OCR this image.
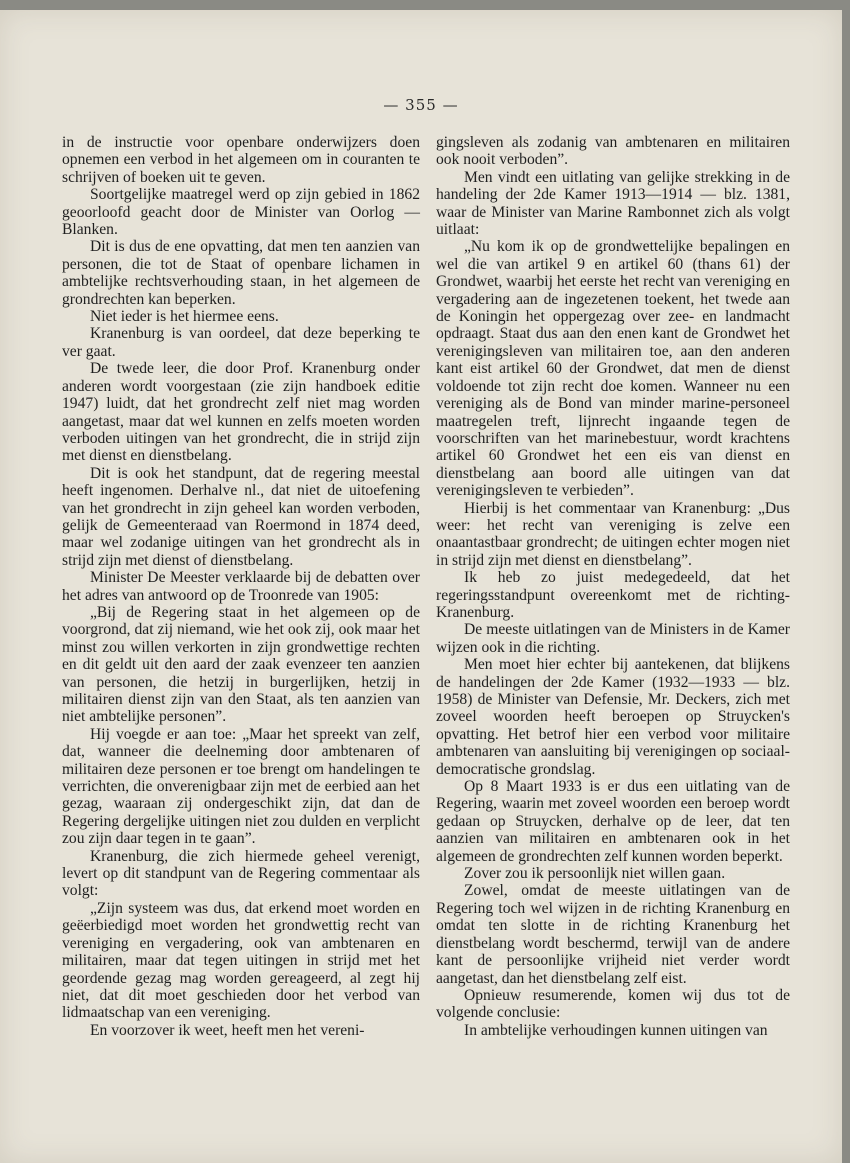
— 355 —

in de instructie voor openbare onderwijzers doen opnemen een verbod in het algemeen om in couranten te schrijven of boeken uit te geven.

Soortgelijke maatregel werd op zijn gebied in 1862 geoorloofd geacht door de Minister van Oorlog — Blanken.

Dit is dus de ene opvatting, dat men ten aanzien van personen, die tot de Staat of openbare lichamen in ambtelijke rechtsverhouding staan, in het algemeen de grondrechten kan beperken.

Niet ieder is het hiermee eens.

Kranenburg is van oordeel, dat deze beperking te ver gaat.

De twede leer, die door Prof. Kranenburg onder anderen wordt voorgestaan (zie zijn handboek editie 1947) luidt, dat het grondrecht zelf niet mag worden aangetast, maar dat wel kunnen en zelfs moeten worden verboden uitingen van het grondrecht, die in strijd zijn met dienst en dienstbelang.

Dit is ook het standpunt, dat de regering meestal heeft ingenomen. Derhalve nl., dat niet de uitoefening van het grondrecht in zijn geheel kan worden verboden, gelijk de Gemeenteraad van Roermond in 1874 deed, maar wel zodanige uitingen van het grondrecht als in strijd zijn met dienst of dienstbelang.

Minister De Meester verklaarde bij de debatten over het adres van antwoord op de Troonrede van 1905:

„Bij de Regering staat in het algemeen op de voorgrond, dat zij niemand, wie het ook zij, ook maar het minst zou willen verkorten in zijn grondwettige rechten en dit geldt uit den aard der zaak evenzeer ten aanzien van personen, die hetzij in burgerlijken, hetzij in militairen dienst zijn van den Staat, als ten aanzien van niet ambtelijke personen”.

Hij voegde er aan toe: „Maar het spreekt van zelf, dat, wanneer die deelneming door ambtenaren of militairen deze personen er toe brengt om handelingen te verrichten, die onverenigbaar zijn met de eerbied aan het gezag, waaraan zij ondergeschikt zijn, dat dan de Regering dergelijke uitingen niet zou dulden en verplicht zou zijn daar tegen in te gaan”.

Kranenburg, die zich hiermede geheel verenigt, levert op dit standpunt van de Regering commentaar als volgt:

„Zijn systeem was dus, dat erkend moet worden en geëerbiedigd moet worden het grondwettig recht van vereniging en vergadering, ook van ambtenaren en militairen, maar dat tegen uitingen in strijd met het geordende gezag mag worden gereageerd, al zegt hij niet, dat dit moet geschieden door het verbod van lidmaatschap van een vereniging.

En voorzover ik weet, heeft men het vereni-

gingsleven als zodanig van ambtenaren en militairen ook nooit verboden”.

Men vindt een uitlating van gelijke strekking in de handeling der 2de Kamer 1913—1914 — blz. 1381, waar de Minister van Marine Rambonnet zich als volgt uitlaat:

„Nu kom ik op de grondwettelijke bepalingen en wel die van artikel 9 en artikel 60 (thans 61) der Grondwet, waarbij het eerste het recht van vereniging en vergadering aan de ingezetenen toekent, het twede aan de Koningin het oppergezag over zee- en landmacht opdraagt. Staat dus aan den enen kant de Grondwet het verenigingsleven van militairen toe, aan den anderen kant eist artikel 60 der Grondwet, dat men de dienst voldoende tot zijn recht doe komen. Wanneer nu een vereniging als de Bond van minder marine-personeel maatregelen treft, lijnrecht ingaande tegen de voorschriften van het marinebestuur, wordt krachtens artikel 60 Grondwet het een eis van dienst en dienstbelang aan boord alle uitingen van dat verenigingsleven te verbieden”.

Hierbij is het commentaar van Kranenburg: „Dus weer: het recht van vereniging is zelve een onaantastbaar grondrecht; de uitingen echter mogen niet in strijd zijn met dienst en dienstbelang”.

Ik heb zo juist medegedeeld, dat het regeringsstandpunt overeenkomt met de richting-Kranenburg.

De meeste uitlatingen van de Ministers in de Kamer wijzen ook in die richting.

Men moet hier echter bij aantekenen, dat blijkens de handelingen der 2de Kamer (1932—1933 — blz. 1958) de Minister van Defensie, Mr. Deckers, zich met zoveel woorden heeft beroepen op Struycken's opvatting. Het betrof hier een verbod voor militaire ambtenaren van aansluiting bij verenigingen op sociaal-democratische grondslag.

Op 8 Maart 1933 is er dus een uitlating van de Regering, waarin met zoveel woorden een beroep wordt gedaan op Struycken, derhalve op de leer, dat ten aanzien van militairen en ambtenaren ook in het algemeen de grondrechten zelf kunnen worden beperkt.

Zover zou ik persoonlijk niet willen gaan.

Zowel, omdat de meeste uitlatingen van de Regering toch wel wijzen in de richting Kranenburg en omdat ten slotte in de richting Kranenburg het dienstbelang wordt beschermd, terwijl van de andere kant de persoonlijke vrijheid niet verder wordt aangetast, dan het dienstbelang zelf eist.

Opnieuw resumerende, komen wij dus tot de volgende conclusie:

In ambtelijke verhoudingen kunnen uitingen van
